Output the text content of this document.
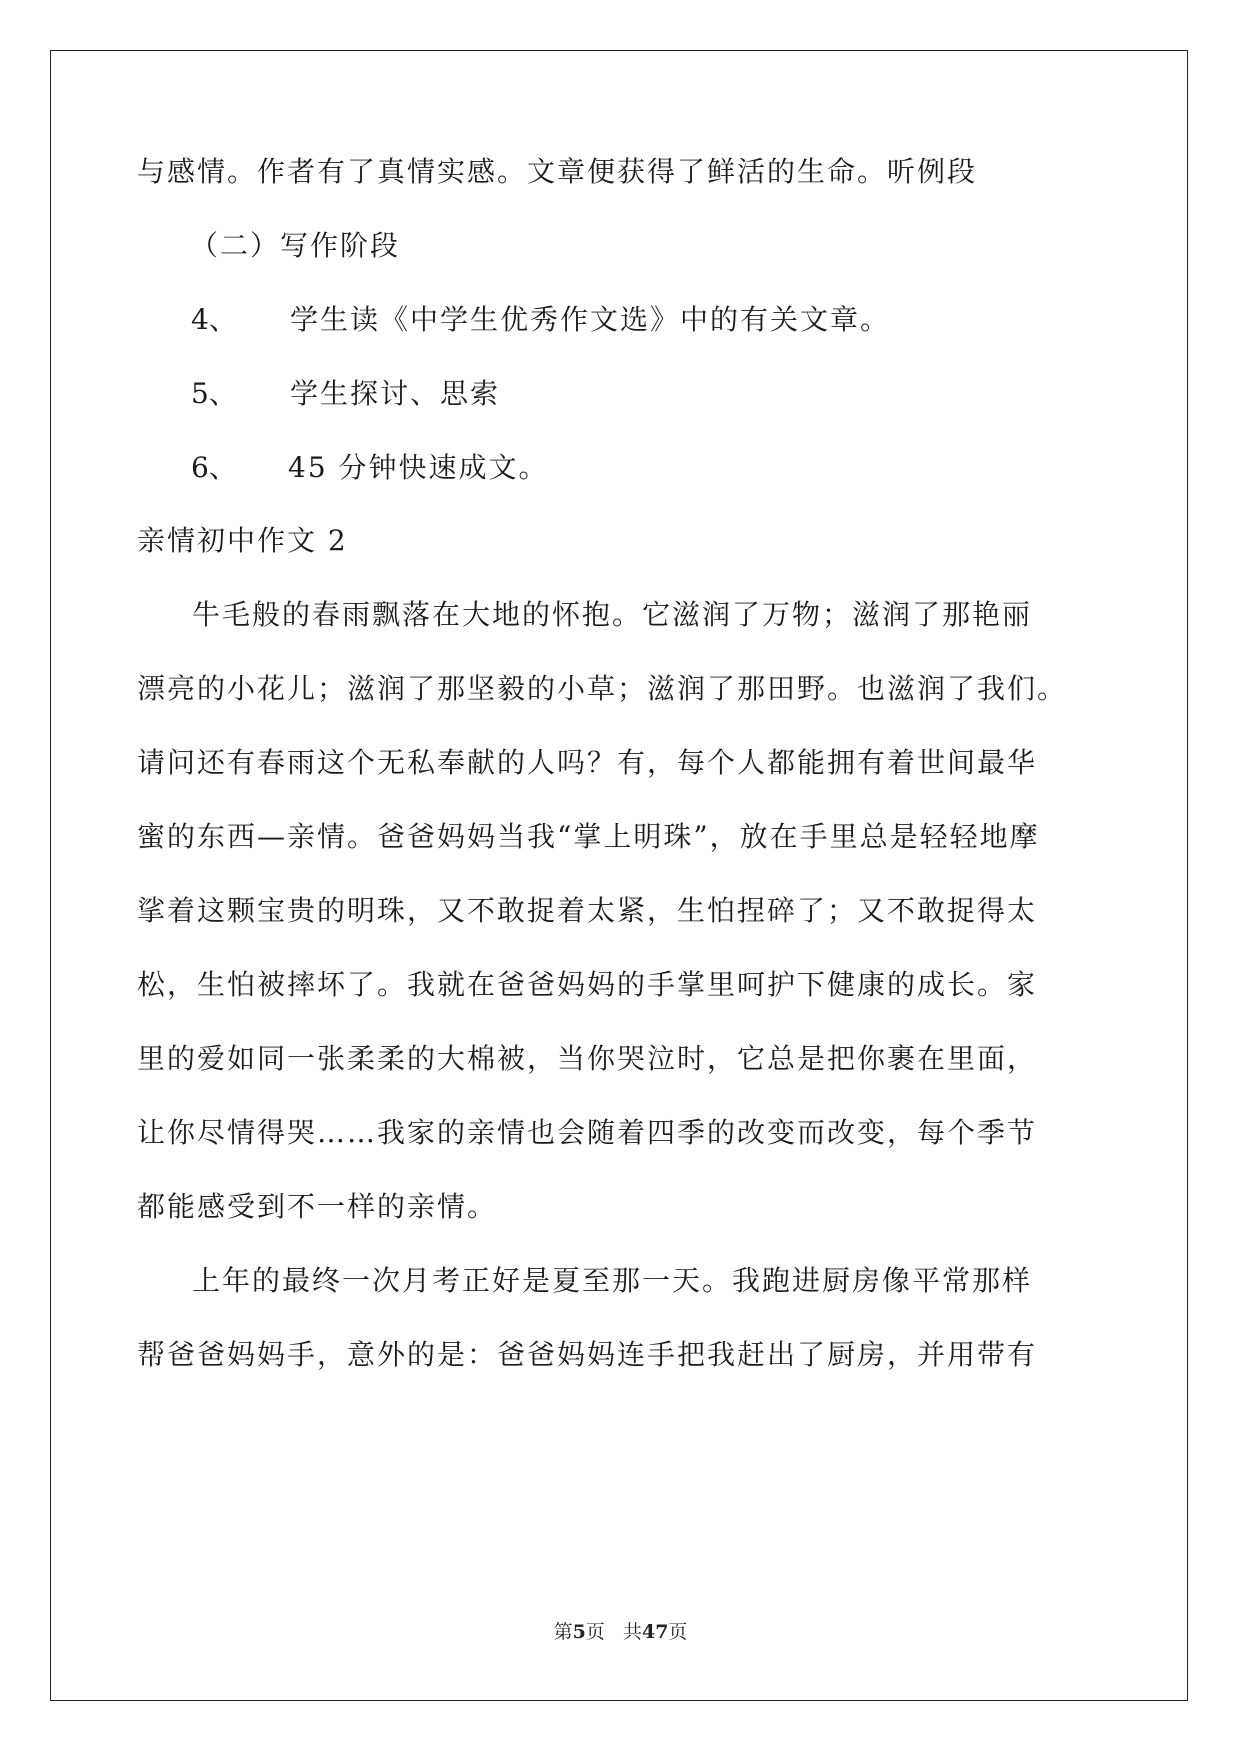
与感情。作者有了真情实感。文章便获得了鲜活的生命。听例段
（二）写作阶段
4、 学生读《中学生优秀作文选》中的有关文章。
5、 学生探讨、思索
6、 45 分钟快速成文。
亲情初中作文 2
牛毛般的春雨飘落在大地的怀抱。它滋润了万物；滋润了那艳丽
漂亮的小花儿；滋润了那坚毅的小草；滋润了那田野。也滋润了我们。
请问还有春雨这个无私奉献的人吗？有，每个人都能拥有着世间最华
蜜的东西—亲情。爸爸妈妈当我“掌上明珠”，放在手里总是轻轻地摩
挲着这颗宝贵的明珠，又不敢捉着太紧，生怕捏碎了；又不敢捉得太
松，生怕被摔坏了。我就在爸爸妈妈的手掌里呵护下健康的成长。家
里的爱如同一张柔柔的大棉被，当你哭泣时，它总是把你裹在里面，
让你尽情得哭……我家的亲情也会随着四季的改变而改变，每个季节
都能感受到不一样的亲情。
上年的最终一次月考正好是夏至那一天。我跑进厨房像平常那样
帮爸爸妈妈手，意外的是：爸爸妈妈连手把我赶出了厨房，并用带有
第5页 共47页
